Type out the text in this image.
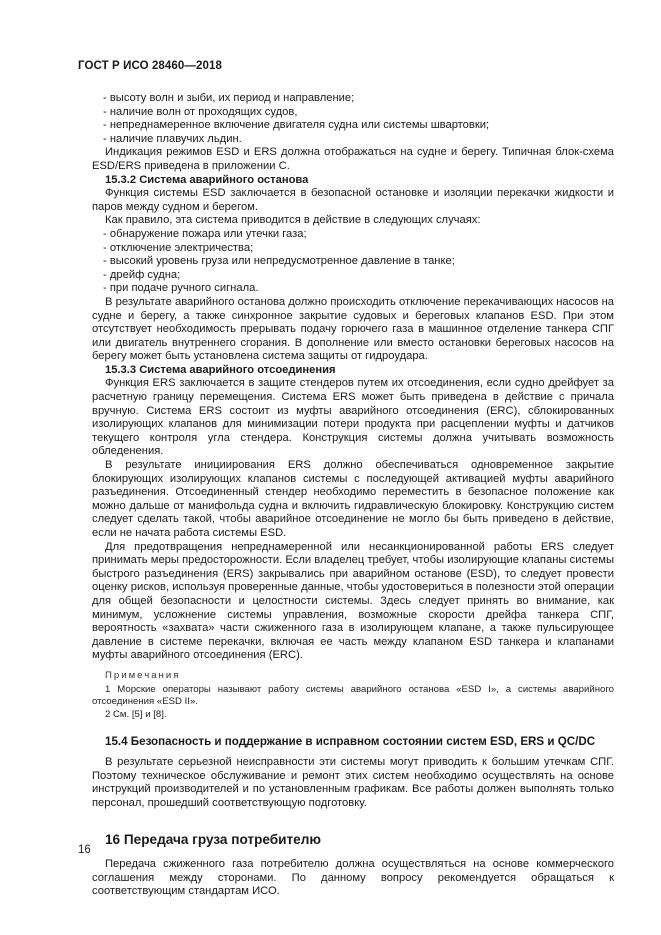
ГОСТ Р ИСО 28460—2018

- высоту волн и зыби, их период и направление;

- наличие волн от проходящих судов,

- непреднамеренное включение двигателя судна или системы швартовки;

- наличие плавучих льдин.

Индикация режимов ESD и ERS должна отображаться на судне и берегу. Типичная блок-схема ESD/ERS приведена в приложении С.

15.3.2 Система аварийного останова

Функция системы ESD заключается в безопасной остановке и изоляции перекачки жидкости и паров между судном и берегом.

Как правило, эта система приводится в действие в следующих случаях:

- обнаружение пожара или утечки газа;

- отключение электричества;

- высокий уровень груза или непредусмотренное давление в танке;

- дрейф судна;

- при подаче ручного сигнала.

В результате аварийного останова должно происходить отключение перекачивающих насосов на судне и берегу, а также синхронное закрытие судовых и береговых клапанов ESD. При этом отсутствует необходимость прерывать подачу горючего газа в машинное отделение танкера СПГ или двигатель внутреннего сгорания. В дополнение или вместо остановки береговых насосов на берегу может быть установлена система защиты от гидроудара.

15.3.3 Система аварийного отсоединения

Функция ERS заключается в защите стендеров путем их отсоединения, если судно дрейфует за расчетную границу перемещения. Система ERS может быть приведена в действие с причала вручную. Система ERS состоит из муфты аварийного отсоединения (ERC), сблокированных изолирующих клапанов для минимизации потери продукта при расцеплении муфты и датчиков текущего контроля угла стендера. Конструкция системы должна учитывать возможность обледенения.

В результате инициирования ERS должно обеспечиваться одновременное закрытие блокирующих изолирующих клапанов системы с последующей активацией муфты аварийного разъединения. Отсоединенный стендер необходимо переместить в безопасное положение как можно дальше от манифольда судна и включить гидравлическую блокировку. Конструкцию систем следует сделать такой, чтобы аварийное отсоединение не могло бы быть приведено в действие, если не начата работа системы ESD.

Для предотвращения непреднамеренной или несанкционированной работы ERS следует принимать меры предосторожности. Если владелец требует, чтобы изолирующие клапаны системы быстрого разъединения (ERS) закрывались при аварийном останове (ESD), то следует провести оценку рисков, используя проверенные данные, чтобы удостовериться в полезности этой операции для общей безопасности и целостности системы. Здесь следует принять во внимание, как минимум, усложнение системы управления, возможные скорости дрейфа танкера СПГ, вероятность «захвата» части сжиженного газа в изолирующем клапане, а также пульсирующее давление в системе перекачки, включая ее часть между клапаном ESD танкера и клапанами муфты аварийного отсоединения (ERC).

Примечания

1 Морские операторы называют работу системы аварийного останова «ESD I», а системы аварийного отсоединения «ESD II».

2 См. [5] и [8].

15.4 Безопасность и поддержание в исправном состоянии систем ESD, ERS и QC/DC

В результате серьезной неисправности эти системы могут приводить к большим утечкам СПГ. Поэтому техническое обслуживание и ремонт этих систем необходимо осуществлять на основе инструкций производителей и по установленным графикам. Все работы должен выполнять только персонал, прошедший соответствующую подготовку.

16 Передача груза потребителю

Передача сжиженного газа потребителю должна осуществляться на основе коммерческого соглашения между сторонами. По данному вопросу рекомендуется обращаться к соответствующим стандартам ИСО.

16
